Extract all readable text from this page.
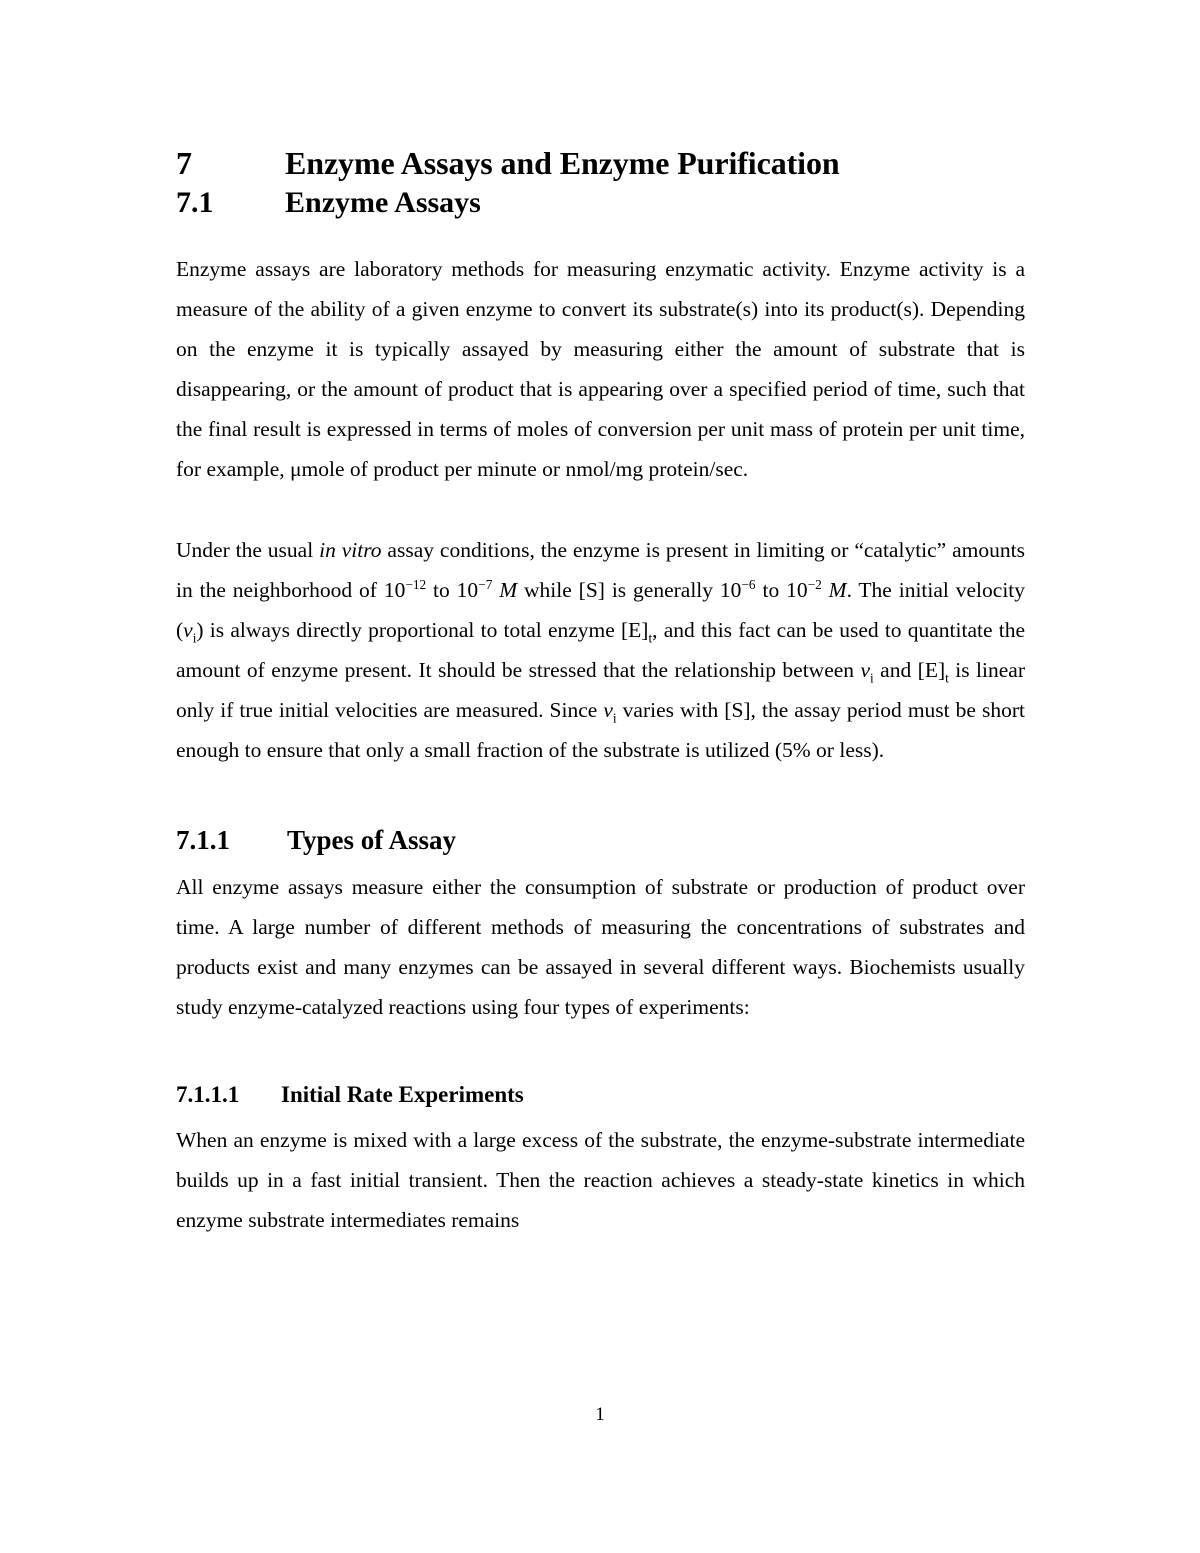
7	Enzyme Assays and Enzyme Purification
7.1 Enzyme Assays

Enzyme assays are laboratory methods for measuring enzymatic activity. Enzyme activity is a measure of the ability of a given enzyme to convert its substrate(s) into its product(s). Depending on the enzyme it is typically assayed by measuring either the amount of substrate that is disappearing, or the amount of product that is appearing over a specified period of time, such that the final result is expressed in terms of moles of conversion per unit mass of protein per unit time, for example, μmole of product per minute or nmol/mg protein/sec.

Under the usual in vitro assay conditions, the enzyme is present in limiting or “catalytic” amounts in the neighborhood of $10^{-12}$ to $10^{-7}$ M while [S] is generally $10^{-6}$ to $10^{-2}$ M. The initial velocity $(v_i)$ is always directly proportional to total enzyme $[E]_t$, and this fact can be used to quantitate the amount of enzyme present. It should be stressed that the relationship between $v_i$ and $[E]_t$ is linear only if true initial velocities are measured. Since $v_i$ varies with [S], the assay period must be short enough to ensure that only a small fraction of the substrate is utilized (5% or less).

7.1.1 Types of Assay

All enzyme assays measure either the consumption of substrate or production of product over time. A large number of different methods of measuring the concentrations of substrates and products exist and many enzymes can be assayed in several different ways. Biochemists usually study enzyme-catalyzed reactions using four types of experiments:

7.1.1.1 Initial Rate Experiments

When an enzyme is mixed with a large excess of the substrate, the enzyme-substrate intermediate builds up in a fast initial transient. Then the reaction achieves a steady-state kinetics in which enzyme substrate intermediates remains

1
